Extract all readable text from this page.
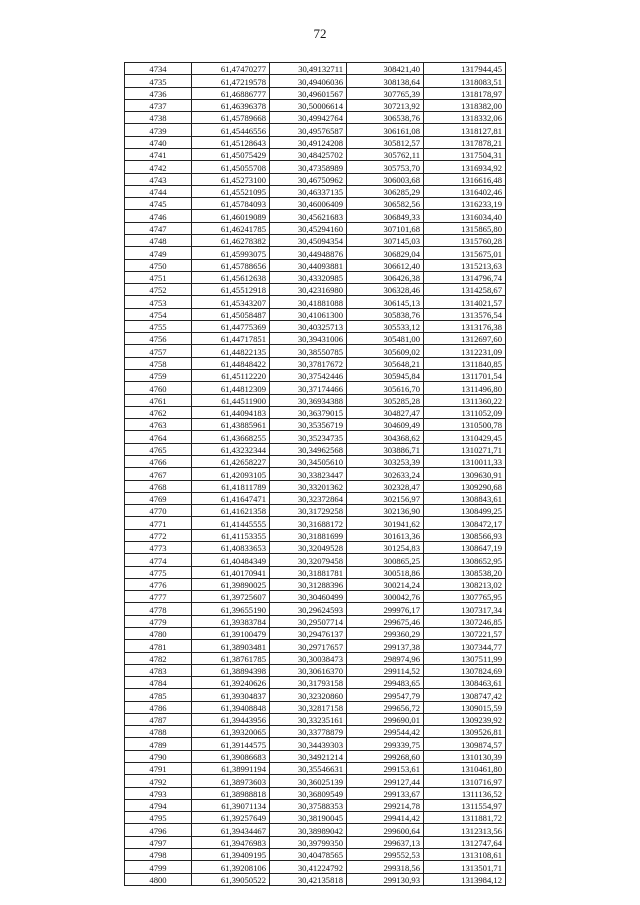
72
4734	61,47470277	30,49132711	308421,40	1317944,45
4735	61,47219578	30,49406036	308138,64	1318083,51
4736	61,46886777	30,49601567	307765,39	1318178,97
4737	61,46396378	30,50006614	307213,92	1318382,00
4738	61,45789668	30,49942764	306538,76	1318332,06
4739	61,45446556	30,49576587	306161,08	1318127,81
4740	61,45128643	30,49124208	305812,57	1317878,21
4741	61,45075429	30,48425702	305762,11	1317504,31
4742	61,45055708	30,47358989	305753,70	1316934,92
4743	61,45273100	30,46750962	306003,68	1316616,48
4744	61,45521095	30,46337135	306285,29	1316402,46
4745	61,45784093	30,46006409	306582,56	1316233,19
4746	61,46019089	30,45621683	306849,33	1316034,40
4747	61,46241785	30,45294160	307101,68	1315865,80
4748	61,46278382	30,45094354	307145,03	1315760,28
4749	61,45993075	30,44948876	306829,04	1315675,01
4750	61,45788656	30,44093881	306612,40	1315213,63
4751	61,45612638	30,43320985	306426,38	1314796,74
4752	61,45512918	30,42316980	306328,46	1314258,67
4753	61,45343207	30,41881088	306145,13	1314021,57
4754	61,45058487	30,41061300	305838,76	1313576,54
4755	61,44775369	30,40325713	305533,12	1313176,38
4756	61,44717851	30,39431006	305481,00	1312697,60
4757	61,44822135	30,38550785	305609,02	1312231,09
4758	61,44848422	30,37817672	305648,21	1311840,85
4759	61,45112220	30,37542446	305945,84	1311701,54
4760	61,44812309	30,37174466	305616,70	1311496,80
4761	61,44511900	30,36934388	305285,28	1311360,22
4762	61,44094183	30,36379015	304827,47	1311052,09
4763	61,43885961	30,35356719	304609,49	1310500,78
4764	61,43668255	30,35234735	304368,62	1310429,45
4765	61,43232344	30,34962568	303886,71	1310271,71
4766	61,42658227	30,34505610	303253,39	1310011,33
4767	61,42093105	30,33823447	302633,24	1309630,91
4768	61,41811789	30,33201362	302328,47	1309290,68
4769	61,41647471	30,32372864	302156,97	1308843,61
4770	61,41621358	30,31729258	302136,90	1308499,25
4771	61,41445555	30,31688172	301941,62	1308472,17
4772	61,41153355	30,31881699	301613,36	1308566,93
4773	61,40833653	30,32049528	301254,83	1308647,19
4774	61,40484349	30,32079458	300865,25	1308652,95
4775	61,40170941	30,31881781	300518,86	1308538,20
4776	61,39890025	30,31288396	300214,24	1308213,02
4777	61,39725607	30,30460499	300042,76	1307765,95
4778	61,39655190	30,29624593	299976,17	1307317,34
4779	61,39383784	30,29507714	299675,46	1307246,85
4780	61,39100479	30,29476137	299360,29	1307221,57
4781	61,38903481	30,29717657	299137,38	1307344,77
4782	61,38761785	30,30038473	298974,96	1307511,99
4783	61,38894398	30,30616370	299114,52	1307824,69
4784	61,39240626	30,31793158	299483,65	1308463,61
4785	61,39304837	30,32320860	299547,79	1308747,42
4786	61,39408848	30,32817158	299656,72	1309015,59
4787	61,39443956	30,33235161	299690,01	1309239,92
4788	61,39320065	30,33778879	299544,42	1309526,81
4789	61,39144575	30,34439303	299339,75	1309874,57
4790	61,39086683	30,34921214	299268,60	1310130,39
4791	61,38991194	30,35546631	299153,61	1310461,80
4792	61,38973603	30,36025139	299127,44	1310716,97
4793	61,38988818	30,36809549	299133,67	1311136,52
4794	61,39071134	30,37588353	299214,78	1311554,97
4795	61,39257649	30,38190045	299414,42	1311881,72
4796	61,39434467	30,38989042	299600,64	1312313,56
4797	61,39476983	30,39799350	299637,13	1312747,64
4798	61,39409195	30,40478565	299552,53	1313108,61
4799	61,39208106	30,41224792	299318,56	1313501,71
4800	61,39050522	30,42135818	299130,93	1313984,12
